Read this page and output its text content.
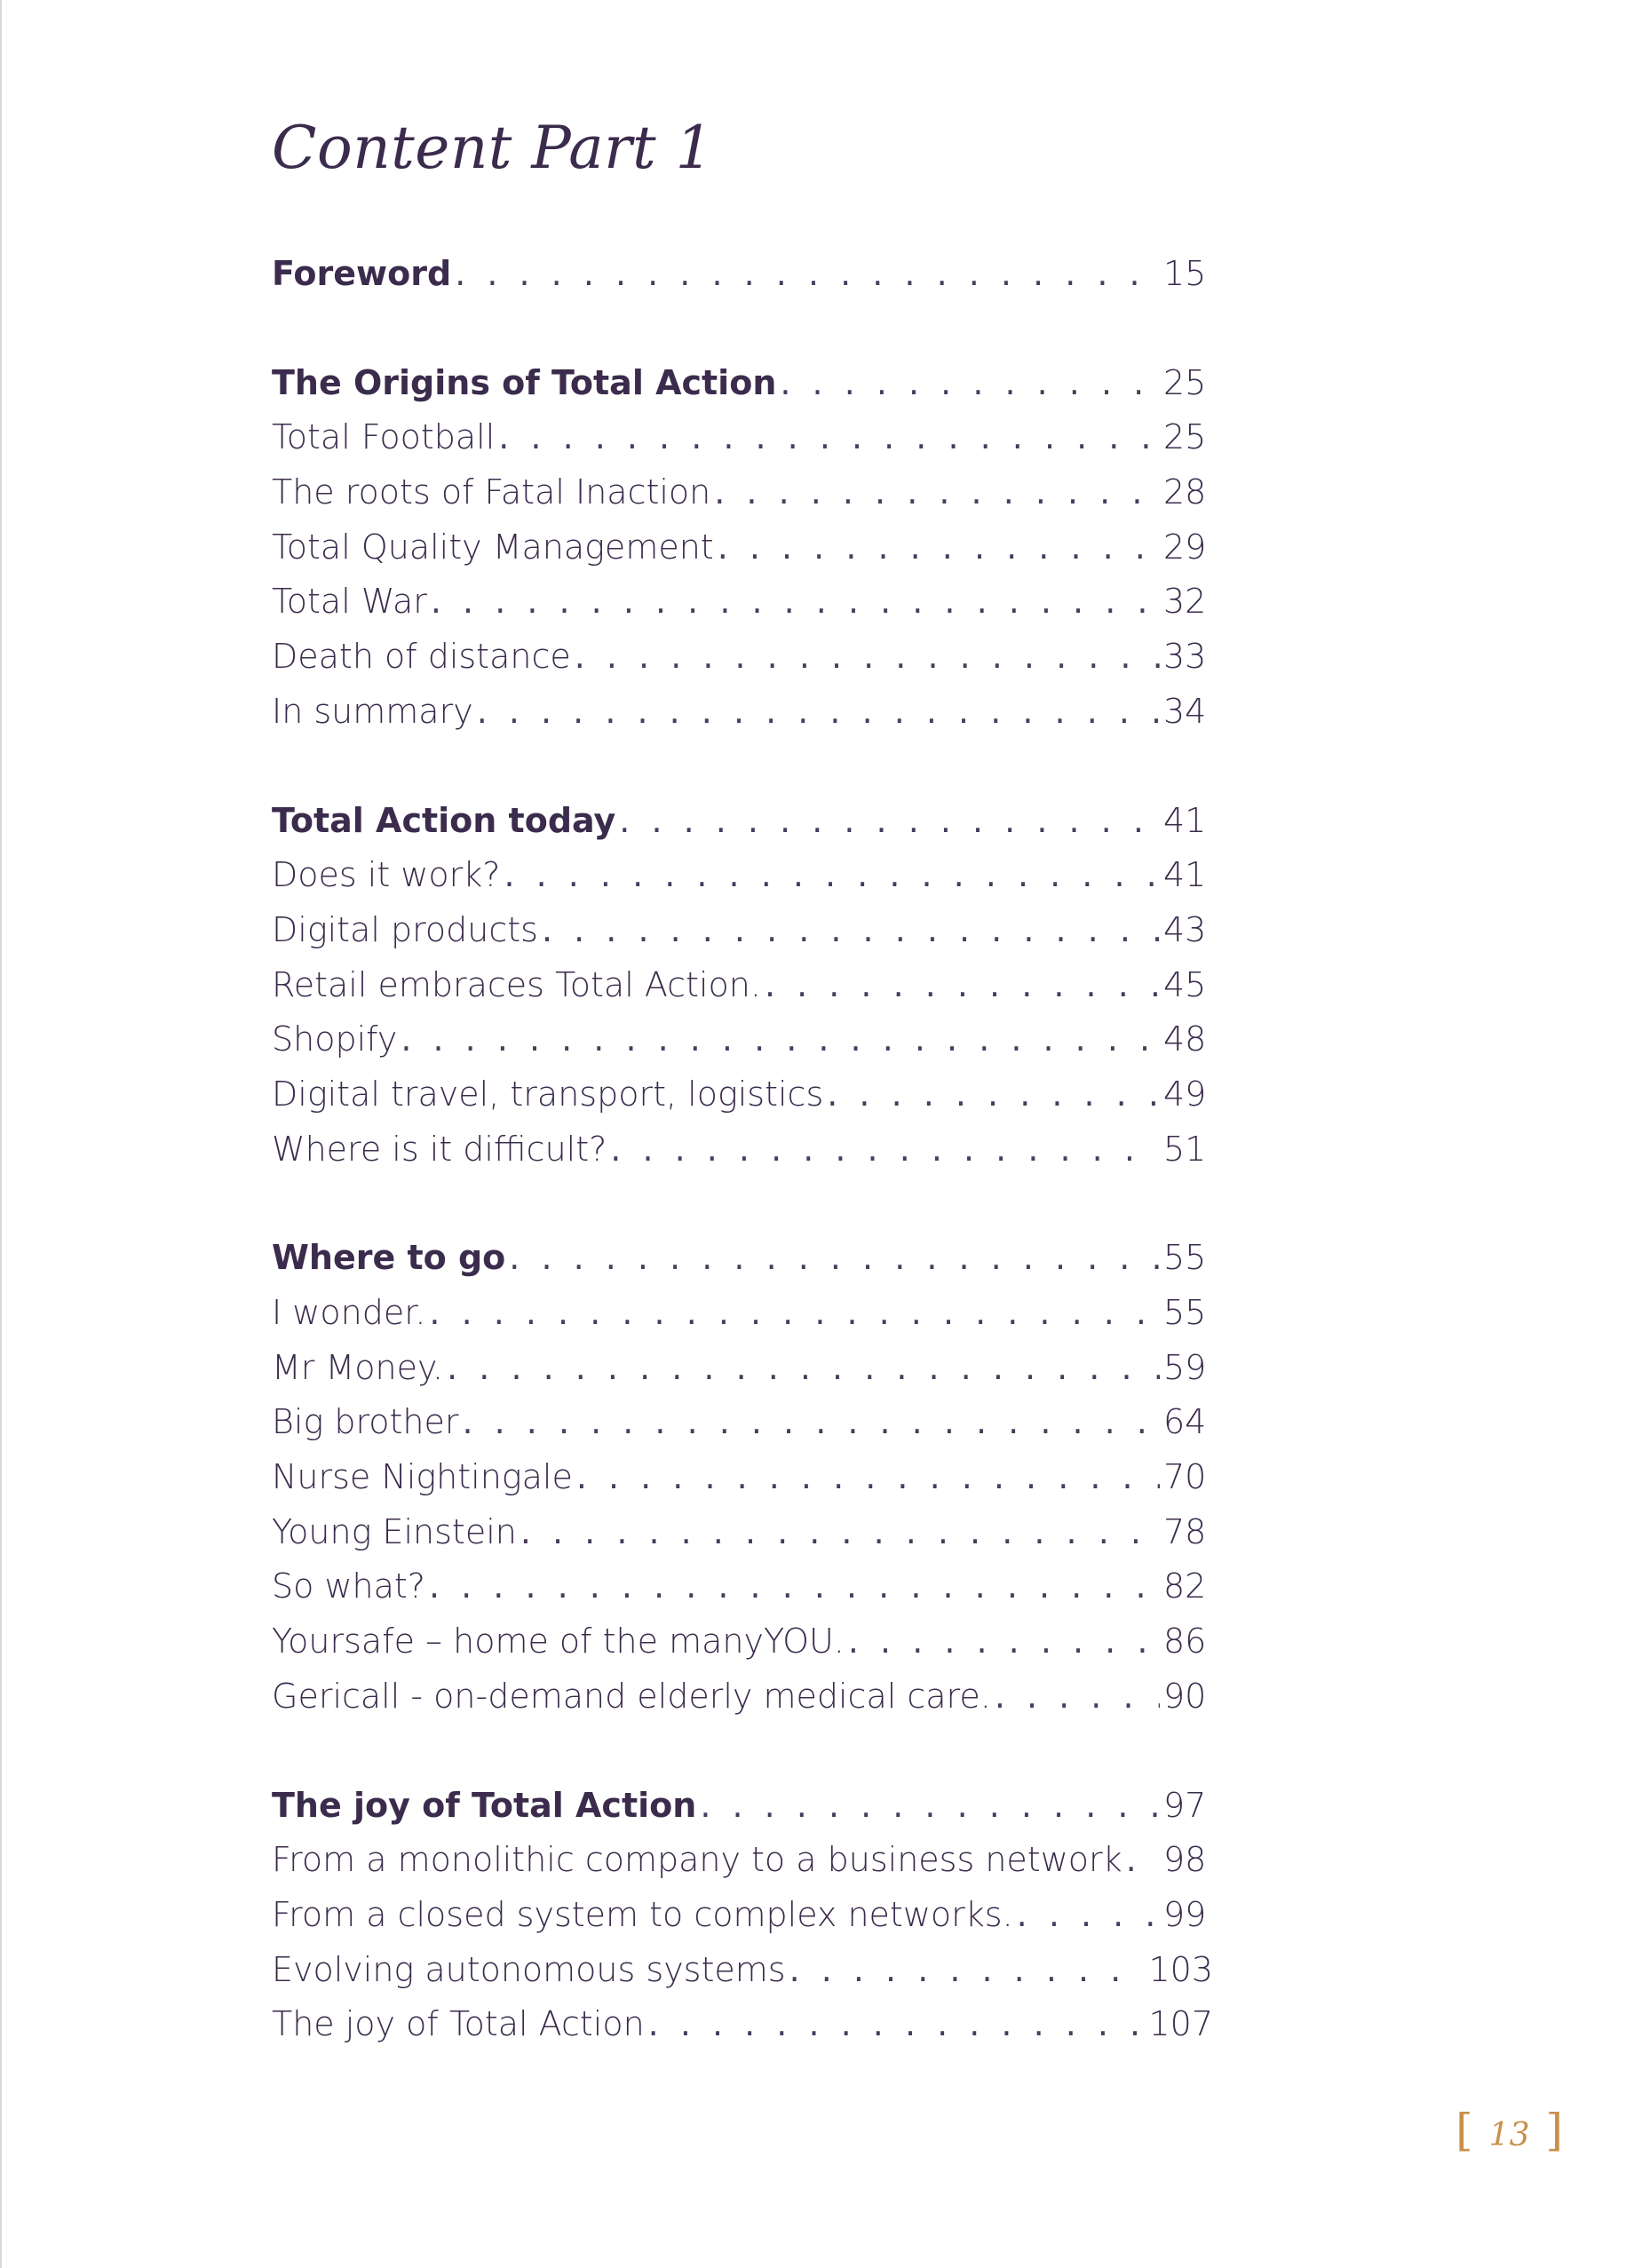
Content Part 1
Foreword . . .	15
The Origins of Total Action . . .	25
Total Football . . .	25
The roots of Fatal Inaction . . .	28
Total Quality Management . . .	29
Total War . . .	32
Death of distance . . .	33
In summary . . .	34
Total Action today . . .	41
Does it work? . . .	41
Digital products . . .	43
Retail embraces Total Action. . . .	45
Shopify . . .	48
Digital travel, transport, logistics . . .	49
Where is it difficult? . . .	51
Where to go . . .	55
I wonder. . . .	55
Mr Money. . . .	59
Big brother . . .	64
Nurse Nightingale . . .	70
Young Einstein . . .	78
So what? . . .	82
Yoursafe – home of the manyYOU. . . .	86
Gericall - on-demand elderly medical care. . . .	90
The joy of Total Action . . .	97
From a monolithic company to a business network . . . 98
From a closed system to complex networks. . . .	99
Evolving autonomous systems . . .	103
The joy of Total Action . . .	107
[ 13 ]
